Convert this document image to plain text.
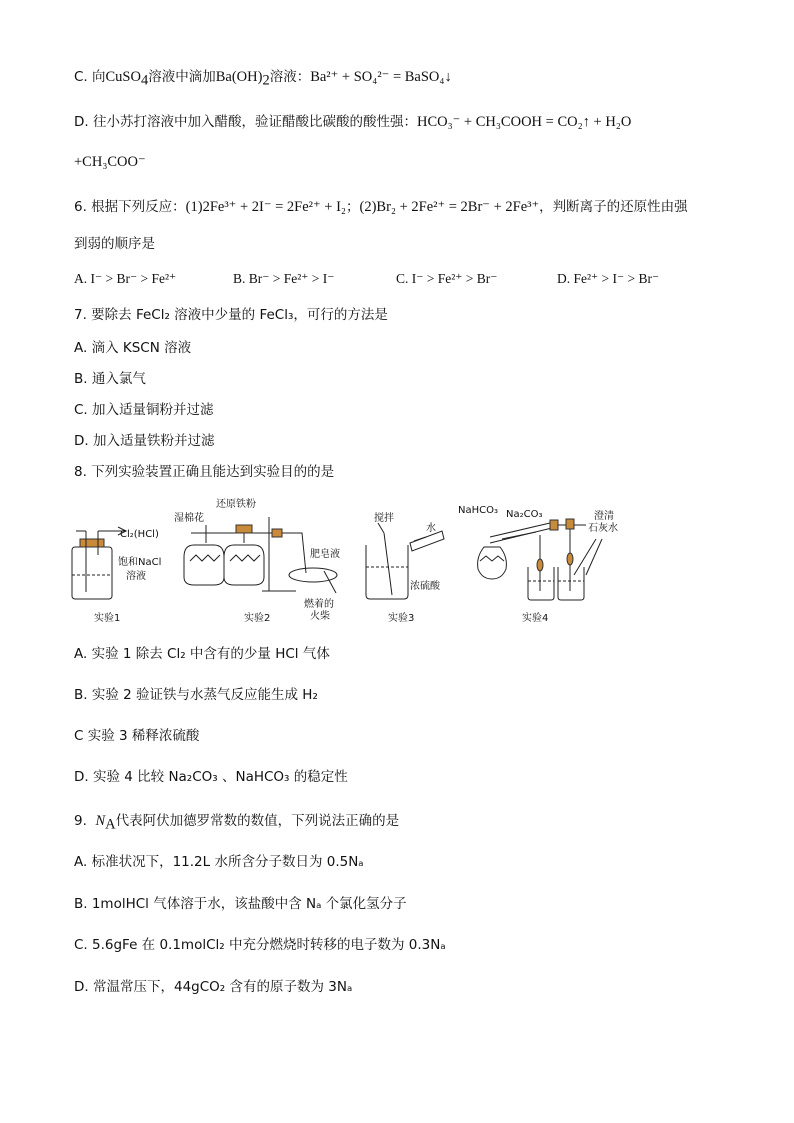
C. 向CuSO$_4$溶液中滴加$Ba(OH)_2$溶液：Ba²⁺ + SO₄²⁻ = BaSO₄↓
D. 往小苏打溶液中加入醋酸，验证醋酸比碳酸的酸性强：HCO₃⁻ + CH₃COOH = CO₂↑ + H₂O
+CH₃COO⁻
6. 根据下列反应：(1)2Fe³⁺ + 2I⁻ = 2Fe²⁺ + I₂；(2)Br₂ + 2Fe²⁺ = 2Br⁻ + 2Fe³⁺，判断离子的还原性由强
到弱的顺序是
A. I⁻ > Br⁻ > Fe²⁺	B. Br⁻ > Fe²⁺ > I⁻	C. I⁻ > Fe²⁺ > Br⁻	D. Fe²⁺ > I⁻ > Br⁻
7. 要除去 FeCl₂ 溶液中少量的 FeCl₃，可行的方法是
A. 滴入 KSCN 溶液
B. 通入氯气
C. 加入适量铜粉并过滤
D. 加入适量铁粉并过滤
8. 下列实验装置正确且能达到实验目的的是
Cl₂(HCl)
饱和NaCl
溶液
实验1
湿棉花
还原铁粉
肥皂液
燃着的
火柴
实验2
搅拌
水
浓硫酸
实验3
NaHCO₃ Na₂CO₃	澄清
石灰水
实验4
A. 实验 1 除去 Cl₂ 中含有的少量 HCl 气体
B. 实验 2 验证铁与水蒸气反应能生成 H₂
C 实验 3 稀释浓硫酸
D. 实验 4 比较 Na₂CO₃ 、NaHCO₃ 的稳定性
9. $N_A$代表阿伏加德罗常数的数值，下列说法正确的是
A. 标准状况下，11.2L 水所含分子数日为 0.5Nₐ
B. 1molHCl 气体溶于水，该盐酸中含 Nₐ 个氯化氢分子
C. 5.6gFe 在 0.1molCl₂ 中充分燃烧时转移的电子数为 0.3Nₐ
D. 常温常压下，44gCO₂ 含有的原子数为 3Nₐ
